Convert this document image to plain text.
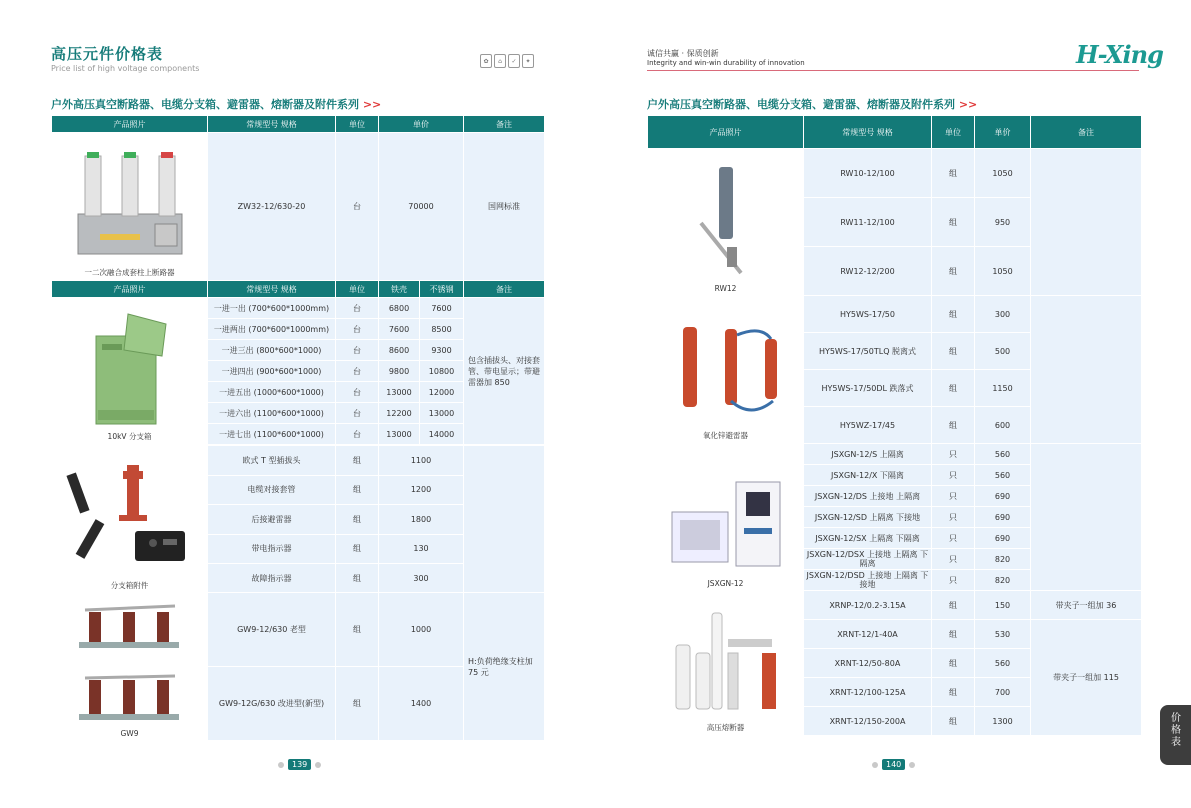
高压元件价格表
Price list of high voltage components
✿	⌂	✓	✦
户外高压真空断路器、电缆分支箱、避雷器、熔断器及附件系列 >>
产品照片	常规型号 规格	单位	单价	备注

一二次融合成套柱上断路器	ZW32-12/630-20	台	70000	国网标准
产品照片	常规型号 规格	单位	铁壳	不锈钢	备注

10kV 分支箱	一进一出 (700*600*1000mm)	台	6800	7600	包含插拔头、对接套管、带电显示；带避雷器加 850
	一进两出 (700*600*1000mm)	台	7600	8500	
	一进三出 (800*600*1000)	台	8600	9300	
	一进四出 (900*600*1000)	台	9800	10800	
	一进五出 (1000*600*1000)	台	13000	12000	
	一进六出 (1100*600*1000)	台	12200	13000	
	一进七出 (1100*600*1000)	台	13000	14000	
分支箱附件	欧式 T 型插拔头	组	1100	
	电缆对接套管	组	1200	
	后接避雷器	组	1800	
	带电指示器	组	130	
	故障指示器	组	300	
GW9	GW9-12/630 老型	组	1000	H:负荷绝缘支柱加 75 元
	GW9-12G/630 改进型(新型)	组	1400	
139
诚信共赢 · 保质创新
Integrity and win-win durability of innovation	H-Xing
户外高压真空断路器、电缆分支箱、避雷器、熔断器及附件系列 >>
产品照片	常规型号 规格	单位	单价	备注

RW12	RW10-12/100	组	1050	
	RW11-12/100	组	950	
	RW12-12/200	组	1050	

氧化锌避雷器	HY5WS-17/50	组	300	
	HY5WS-17/50TLQ 脱离式	组	500	
	HY5WS-17/50DL 跌落式	组	1150	
	HY5WZ-17/45	组	600	

JSXGN-12	JSXGN-12/S 上隔离	只	560	
	JSXGN-12/X 下隔离	只	560	
	JSXGN-12/DS 上接地 上隔离	只	690	
	JSXGN-12/SD 上隔离 下接地	只	690	
	JSXGN-12/SX 上隔离 下隔离	只	690	
	JSXGN-12/DSX 上接地 上隔离 下隔离	只	820	
	JSXGN-12/DSD 上接地 上隔离 下接地	只	820	

高压熔断器	XRNP-12/0.2-3.15A	组	150	带夹子一组加 36
	XRNT-12/1-40A	组	530	带夹子一组加 115
	XRNT-12/50-80A	组	560	
	XRNT-12/100-125A	组	700	
	XRNT-12/150-200A	组	1300	
140
价
格
表
